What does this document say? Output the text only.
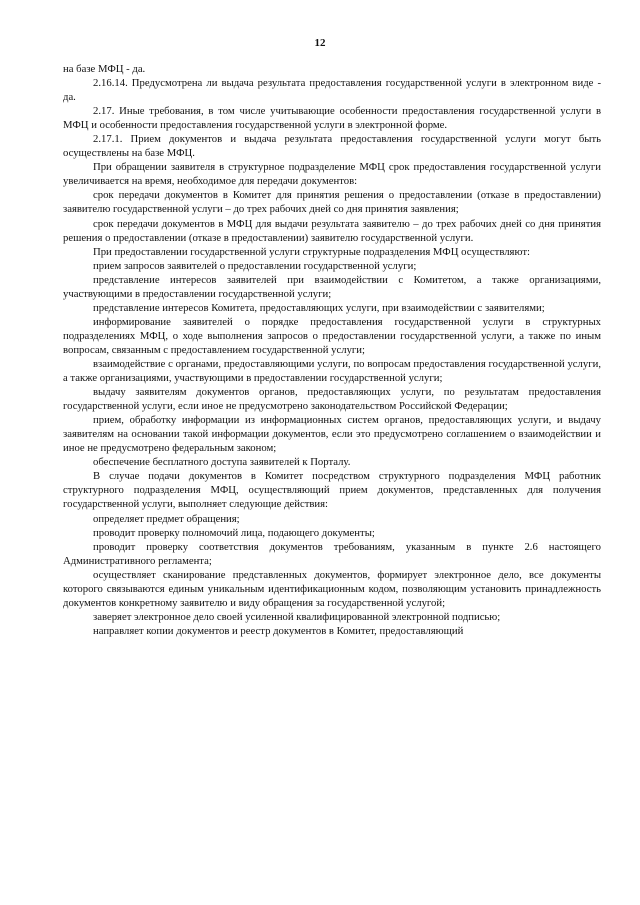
12

на базе МФЦ - да.

2.16.14. Предусмотрена ли выдача результата предоставления государственной услуги в электронном виде - да.

2.17. Иные требования, в том числе учитывающие особенности предоставления государственной услуги в МФЦ и особенности предоставления государственной услуги в электронной форме.

2.17.1. Прием документов и выдача результата предоставления государственной услуги могут быть осуществлены на базе МФЦ.

При обращении заявителя в структурное подразделение МФЦ срок предоставления государственной услуги увеличивается на время, необходимое для передачи документов:

срок передачи документов в Комитет для принятия решения о предоставлении (отказе в предоставлении) заявителю государственной услуги – до трех рабочих дней со дня принятия заявления;

срок передачи документов в МФЦ для выдачи результата заявителю – до трех рабочих дней со дня принятия решения о предоставлении (отказе в предоставлении) заявителю государственной услуги.

При предоставлении государственной услуги структурные подразделения МФЦ осуществляют:

прием запросов заявителей о предоставлении государственной услуги;

представление интересов заявителей при взаимодействии с Комитетом, а также организациями, участвующими в предоставлении государственной услуги;

представление интересов Комитета, предоставляющих услуги, при взаимодействии с заявителями;

информирование заявителей о порядке предоставления государственной услуги в структурных подразделениях МФЦ, о ходе выполнения запросов о предоставлении государственной услуги, а также по иным вопросам, связанным с предоставлением государственной услуги;

взаимодействие с органами, предоставляющими услуги, по вопросам предоставления государственной услуги, а также организациями, участвующими в предоставлении государственной услуги;

выдачу заявителям документов органов, предоставляющих услуги, по результатам предоставления государственной услуги, если иное не предусмотрено законодательством Российской Федерации;

прием, обработку информации из информационных систем органов, предоставляющих услуги, и выдачу заявителям на основании такой информации документов, если это предусмотрено соглашением о взаимодействии и иное не предусмотрено федеральным законом;

обеспечение бесплатного доступа заявителей к Порталу.

В случае подачи документов в Комитет посредством структурного подразделения МФЦ работник структурного подразделения МФЦ, осуществляющий прием документов, представленных для получения государственной услуги, выполняет следующие действия:

определяет предмет обращения;

проводит проверку полномочий лица, подающего документы;

проводит проверку соответствия документов требованиям, указанным в пункте 2.6 настоящего Административного регламента;

осуществляет сканирование представленных документов, формирует электронное дело, все документы которого связываются единым уникальным идентификационным кодом, позволяющим установить принадлежность документов конкретному заявителю и виду обращения за государственной услугой;

заверяет электронное дело своей усиленной квалифицированной электронной подписью;

направляет копии документов и реестр документов в Комитет, предоставляющий
